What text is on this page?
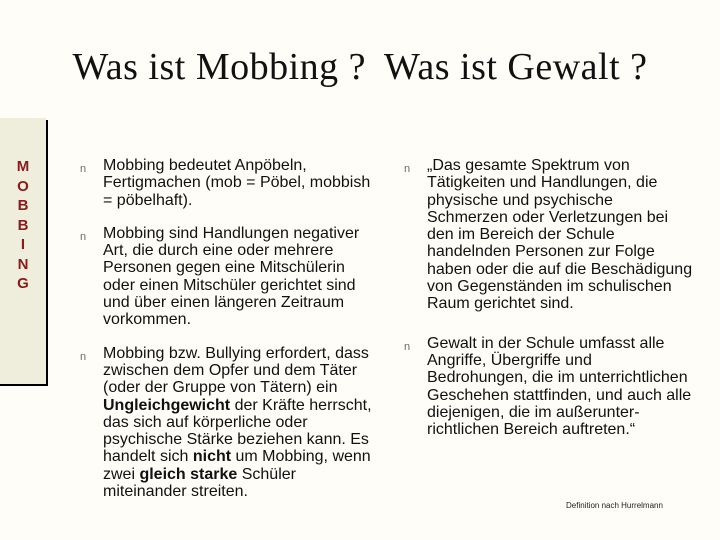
Was ist Mobbing ? Was ist Gewalt ?
M
O
B
B
I
N
G
n Mobbing bedeutet Anpöbeln, Fertigmachen (mob = Pöbel, mobbish = pöbelhaft).
n Mobbing sind Handlungen negativer Art, die durch eine oder mehrere Personen gegen eine Mitschülerin oder einen Mitschüler gerichtet sind und über einen längeren Zeitraum vorkommen.
n Mobbing bzw. Bullying erfordert, dass zwischen dem Opfer und dem Täter (oder der Gruppe von Tätern) ein Ungleichgewicht der Kräfte herrscht, das sich auf körperliche oder psychische Stärke beziehen kann. Es handelt sich nicht um Mobbing, wenn zwei gleich starke Schüler miteinander streiten.
n „Das gesamte Spektrum von Tätigkeiten und Handlungen, die physische und psychische Schmerzen oder Verletzungen bei den im Bereich der Schule handelnden Personen zur Folge haben oder die auf die Beschädigung von Gegenständen im schulischen Raum gerichtet sind.
n Gewalt in der Schule umfasst alle Angriffe, Übergriffe und Bedrohungen, die im unterrichtlichen Geschehen stattfinden, und auch alle diejenigen, die im außerunter-richtlichen Bereich auftreten.“
Definition nach Hurrelmann
